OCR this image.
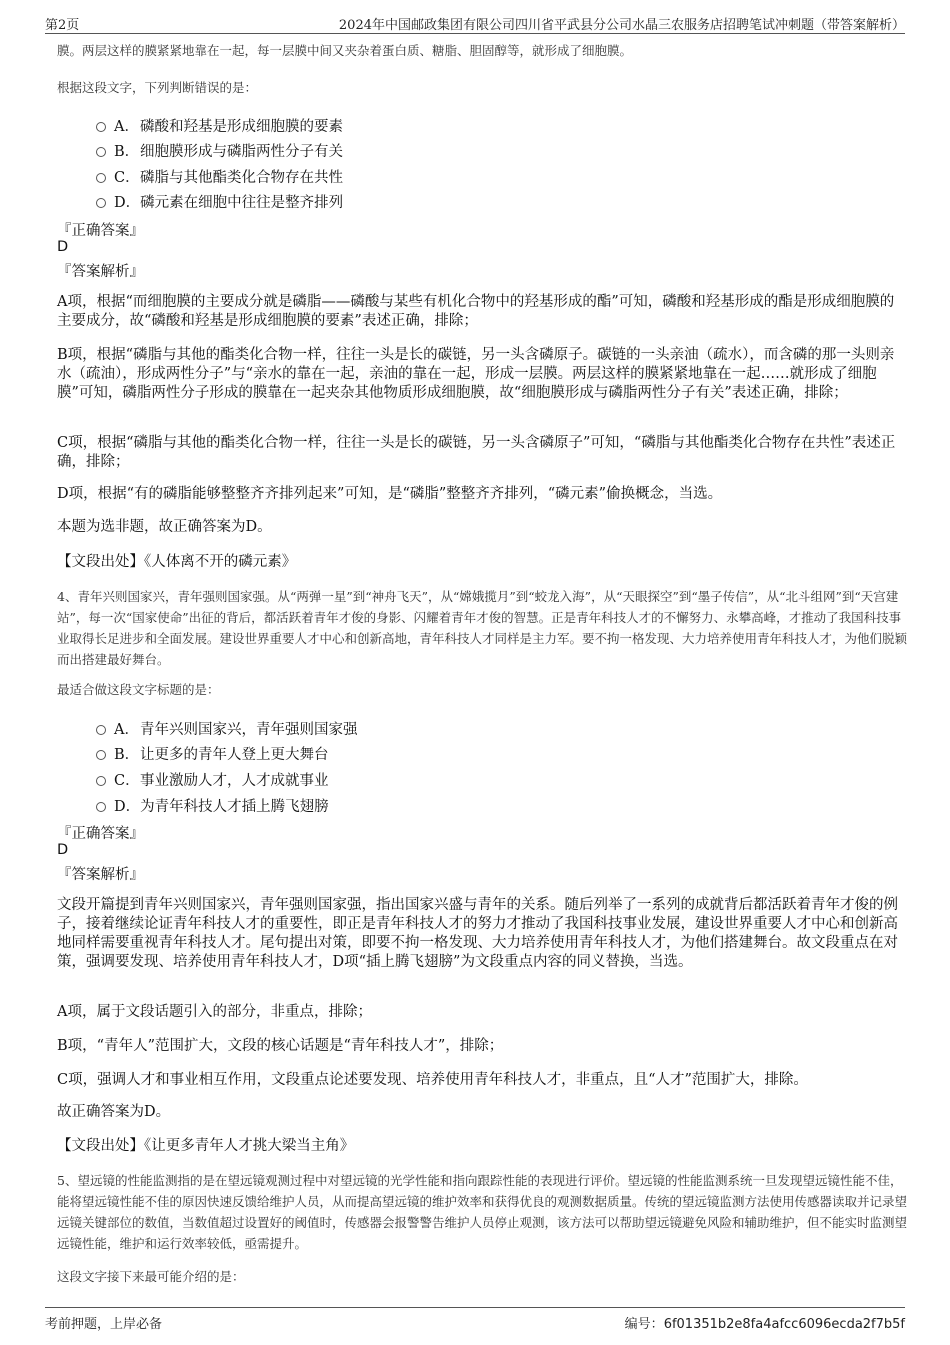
第2页	2024年中国邮政集团有限公司四川省平武县分公司水晶三农服务店招聘笔试冲刺题（带答案解析）
膜。两层这样的膜紧紧地靠在一起，每一层膜中间又夹杂着蛋白质、糖脂、胆固醇等，就形成了细胞膜。
根据这段文字，下列判断错误的是：
A．磷酸和羟基是形成细胞膜的要素
B．细胞膜形成与磷脂两性分子有关
C．磷脂与其他酯类化合物存在共性
D．磷元素在细胞中往往是整齐排列
『正确答案』
D
『答案解析』
A项，根据“而细胞膜的主要成分就是磷脂——磷酸与某些有机化合物中的羟基形成的酯”可知，磷酸和羟基形成的酯是形成细胞膜的主要成分，故“磷酸和羟基是形成细胞膜的要素”表述正确，排除；
B项，根据“磷脂与其他的酯类化合物一样，往往一头是长的碳链，另一头含磷原子。碳链的一头亲油（疏水），而含磷的那一头则亲水（疏油），形成两性分子”与“亲水的靠在一起，亲油的靠在一起，形成一层膜。两层这样的膜紧紧地靠在一起……就形成了细胞膜”可知，磷脂两性分子形成的膜靠在一起夹杂其他物质形成细胞膜，故“细胞膜形成与磷脂两性分子有关”表述正确，排除；
C项，根据“磷脂与其他的酯类化合物一样，往往一头是长的碳链，另一头含磷原子”可知，“磷脂与其他酯类化合物存在共性”表述正确，排除；
D项，根据“有的磷脂能够整整齐齐排列起来”可知，是“磷脂”整整齐齐排列，“磷元素”偷换概念，当选。
本题为选非题，故正确答案为D。
【文段出处】《人体离不开的磷元素》
4、青年兴则国家兴，青年强则国家强。从“两弹一星”到“神舟飞天”，从“嫦娥揽月”到“蛟龙入海”，从“天眼探空”到“墨子传信”，从“北斗组网”到“天宫建站”，每一次“国家使命”出征的背后，都活跃着青年才俊的身影、闪耀着青年才俊的智慧。正是青年科技人才的不懈努力、永攀高峰，才推动了我国科技事业取得长足进步和全面发展。建设世界重要人才中心和创新高地，青年科技人才同样是主力军。要不拘一格发现、大力培养使用青年科技人才，为他们脱颖而出搭建最好舞台。
最适合做这段文字标题的是：
A．青年兴则国家兴，青年强则国家强
B．让更多的青年人登上更大舞台
C．事业激励人才，人才成就事业
D．为青年科技人才插上腾飞翅膀
『正确答案』
D
『答案解析』
文段开篇提到青年兴则国家兴，青年强则国家强，指出国家兴盛与青年的关系。随后列举了一系列的成就背后都活跃着青年才俊的例子，接着继续论证青年科技人才的重要性，即正是青年科技人才的努力才推动了我国科技事业发展，建设世界重要人才中心和创新高地同样需要重视青年科技人才。尾句提出对策，即要不拘一格发现、大力培养使用青年科技人才，为他们搭建舞台。故文段重点在对策，强调要发现、培养使用青年科技人才，D项“插上腾飞翅膀”为文段重点内容的同义替换，当选。
A项，属于文段话题引入的部分，非重点，排除；
B项，“青年人”范围扩大，文段的核心话题是“青年科技人才”，排除；
C项，强调人才和事业相互作用，文段重点论述要发现、培养使用青年科技人才，非重点，且“人才”范围扩大，排除。
故正确答案为D。
【文段出处】《让更多青年人才挑大梁当主角》
5、望远镜的性能监测指的是在望远镜观测过程中对望远镜的光学性能和指向跟踪性能的表现进行评价。望远镜的性能监测系统一旦发现望远镜性能不佳，能将望远镜性能不佳的原因快速反馈给维护人员，从而提高望远镜的维护效率和获得优良的观测数据质量。传统的望远镜监测方法使用传感器读取并记录望远镜关键部位的数值，当数值超过设置好的阈值时，传感器会报警警告维护人员停止观测，该方法可以帮助望远镜避免风险和辅助维护，但不能实时监测望远镜性能，维护和运行效率较低，亟需提升。
这段文字接下来最可能介绍的是：
考前押题，上岸必备	编号：6f01351b2e8fa4afcc6096ecda2f7b5f
